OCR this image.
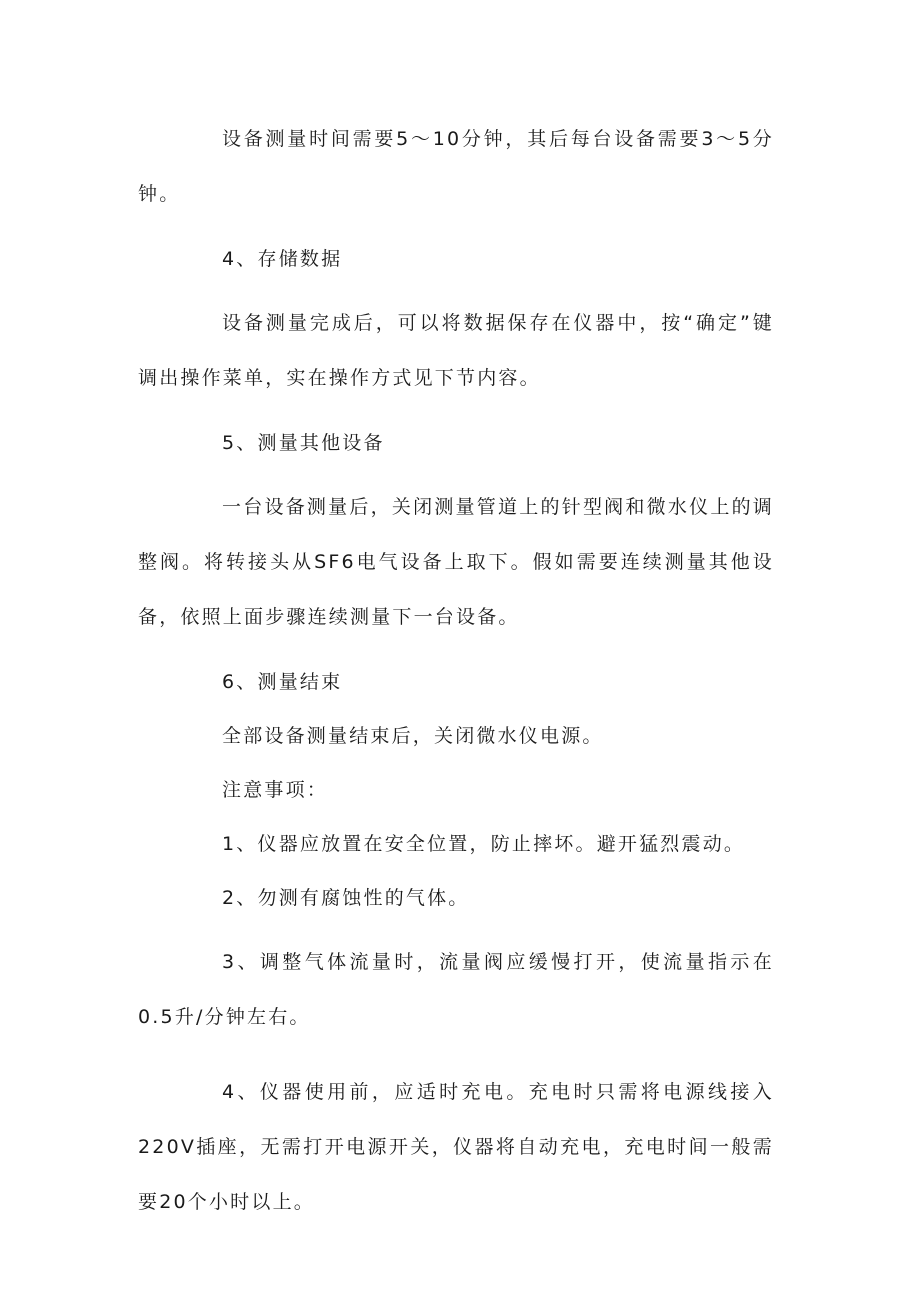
设备测量时间需要5～10分钟，其后每台设备需要3～5分钟。

4、存储数据

设备测量完成后，可以将数据保存在仪器中，按“确定”键调出操作菜单，实在操作方式见下节内容。

5、测量其他设备

一台设备测量后，关闭测量管道上的针型阀和微水仪上的调整阀。将转接头从SF6电气设备上取下。假如需要连续测量其他设备，依照上面步骤连续测量下一台设备。

6、测量结束

全部设备测量结束后，关闭微水仪电源。

注意事项：

1、仪器应放置在安全位置，防止摔坏。避开猛烈震动。

2、勿测有腐蚀性的气体。

3、调整气体流量时，流量阀应缓慢打开，使流量指示在0.5升/分钟左右。

4、仪器使用前，应适时充电。充电时只需将电源线接入220V插座，无需打开电源开关，仪器将自动充电，充电时间一般需要20个小时以上。
